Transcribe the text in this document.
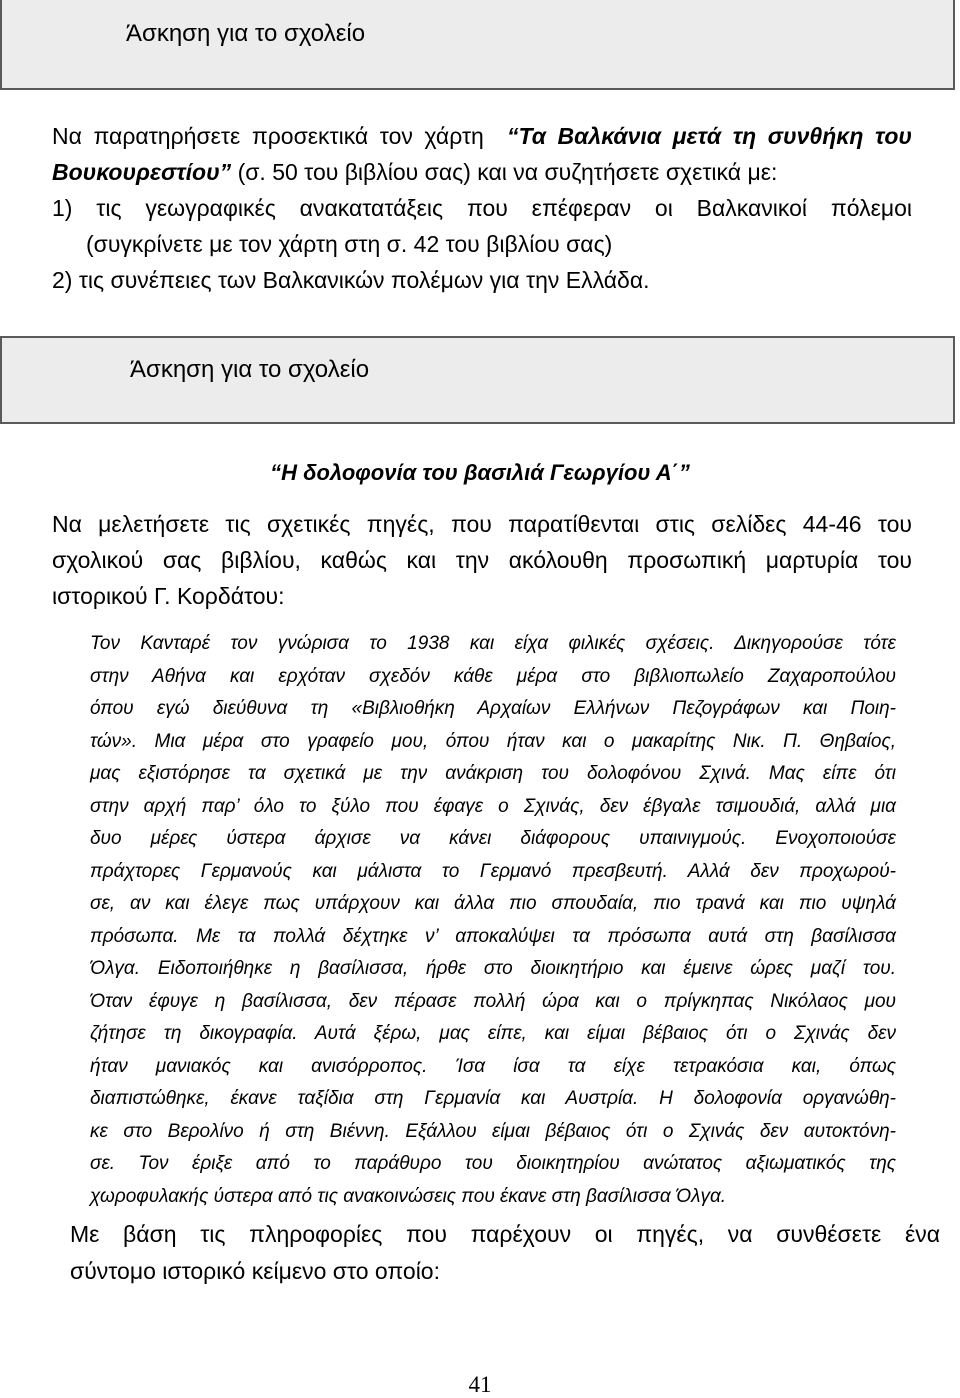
Άσκηση για το σχολείο
Να παρατηρήσετε προσεκτικά τον χάρτη “Τα Βαλκάνια μετά τη συνθήκη του
Βουκουρεστίου” (σ. 50 του βιβλίου σας) και να συζητήσετε σχετικά με:
1) τις γεωγραφικές ανακατατάξεις που επέφεραν οι Βαλκανικοί πόλεμοι
(συγκρίνετε με τον χάρτη στη σ. 42 του βιβλίου σας)
2) τις συνέπειες των Βαλκανικών πολέμων για την Ελλάδα.
Άσκηση για το σχολείο
“Η δολοφονία του βασιλιά Γεωργίου Α΄”
Να μελετήσετε τις σχετικές πηγές, που παρατίθενται στις σελίδες 44-46 του
σχολικού σας βιβλίου, καθώς και την ακόλουθη προσωπική μαρτυρία του
ιστορικού Γ. Κορδάτου:
Τον Κανταρέ τον γνώρισα το 1938 και είχα φιλικές σχέσεις. Δικηγορούσε τότε
στην Αθήνα και ερχόταν σχεδόν κάθε μέρα στο βιβλιοπωλείο Ζαχαροπούλου
όπου εγώ διεύθυνα τη «Βιβλιοθήκη Αρχαίων Ελλήνων Πεζογράφων και Ποιη-
τών». Μια μέρα στο γραφείο μου, όπου ήταν και ο μακαρίτης Νικ. Π. Θηβαίος,
μας εξιστόρησε τα σχετικά με την ανάκριση του δολοφόνου Σχινά. Μας είπε ότι
στην αρχή παρ’ όλο το ξύλο που έφαγε ο Σχινάς, δεν έβγαλε τσιμουδιά, αλλά μια
δυο μέρες ύστερα άρχισε να κάνει διάφορους υπαινιγμούς. Ενοχοποιούσε
πράχτορες Γερμανούς και μάλιστα το Γερμανό πρεσβευτή. Αλλά δεν προχωρού-
σε, αν και έλεγε πως υπάρχουν και άλλα πιο σπουδαία, πιο τρανά και πιο υψηλά
πρόσωπα. Με τα πολλά δέχτηκε ν’ αποκαλύψει τα πρόσωπα αυτά στη βασίλισσα
Όλγα. Ειδοποιήθηκε η βασίλισσα, ήρθε στο διοικητήριο και έμεινε ώρες μαζί του.
Όταν έφυγε η βασίλισσα, δεν πέρασε πολλή ώρα και ο πρίγκηπας Νικόλαος μου
ζήτησε τη δικογραφία. Αυτά ξέρω, μας είπε, και είμαι βέβαιος ότι ο Σχινάς δεν
ήταν μανιακός και ανισόρροπος. Ίσα ίσα τα είχε τετρακόσια και, όπως
διαπιστώθηκε, έκανε ταξίδια στη Γερμανία και Αυστρία. Η δολοφονία οργανώθη-
κε στο Βερολίνο ή στη Βιέννη. Εξάλλου είμαι βέβαιος ότι ο Σχινάς δεν αυτοκτόνη-
σε. Τον έριξε από το παράθυρο του διοικητηρίου ανώτατος αξιωματικός της
χωροφυλακής ύστερα από τις ανακοινώσεις που έκανε στη βασίλισσα Όλγα.
Με βάση τις πληροφορίες που παρέχουν οι πηγές, να συνθέσετε ένα
σύντομο ιστορικό κείμενο στο οποίο:
41
